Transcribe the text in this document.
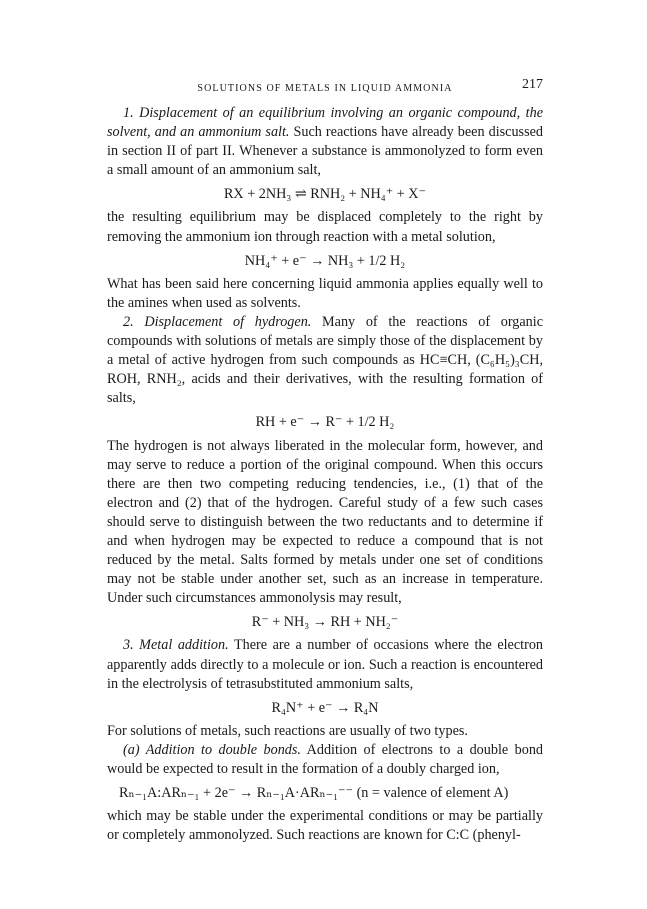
SOLUTIONS OF METALS IN LIQUID AMMONIA	217

1. Displacement of an equilibrium involving an organic compound, the solvent, and an ammonium salt. Such reactions have already been discussed in section II of part II. Whenever a substance is ammonolyzed to form even a small amount of an ammonium salt,

RX + 2NH₃ ⇌ RNH₂ + NH₄⁺ + X⁻

the resulting equilibrium may be displaced completely to the right by removing the ammonium ion through reaction with a metal solution,

NH₄⁺ + e⁻ → NH₃ + 1/2 H₂

What has been said here concerning liquid ammonia applies equally well to the amines when used as solvents.

2. Displacement of hydrogen. Many of the reactions of organic compounds with solutions of metals are simply those of the displacement by a metal of active hydrogen from such compounds as HC≡CH, (C₆H₅)₃CH, ROH, RNH₂, acids and their derivatives, with the resulting formation of salts,

RH + e⁻ → R⁻ + 1/2 H₂

The hydrogen is not always liberated in the molecular form, however, and may serve to reduce a portion of the original compound. When this occurs there are then two competing reducing tendencies, i.e., (1) that of the electron and (2) that of the hydrogen. Careful study of a few such cases should serve to distinguish between the two reductants and to determine if and when hydrogen may be expected to reduce a compound that is not reduced by the metal. Salts formed by metals under one set of conditions may not be stable under another set, such as an increase in temperature. Under such circumstances ammonolysis may result,

R⁻ + NH₃ → RH + NH₂⁻

3. Metal addition. There are a number of occasions where the electron apparently adds directly to a molecule or ion. Such a reaction is encountered in the electrolysis of tetrasubstituted ammonium salts,

R₄N⁺ + e⁻ → R₄N

For solutions of metals, such reactions are usually of two types.

(a) Addition to double bonds. Addition of electrons to a double bond would be expected to result in the formation of a doubly charged ion,

Rₙ₋₁A:ARₙ₋₁ + 2e⁻ → Rₙ₋₁A·ARₙ₋₁⁻⁻ (n = valence of element A)

which may be stable under the experimental conditions or may be partially or completely ammonolyzed. Such reactions are known for C:C (phenyl-
